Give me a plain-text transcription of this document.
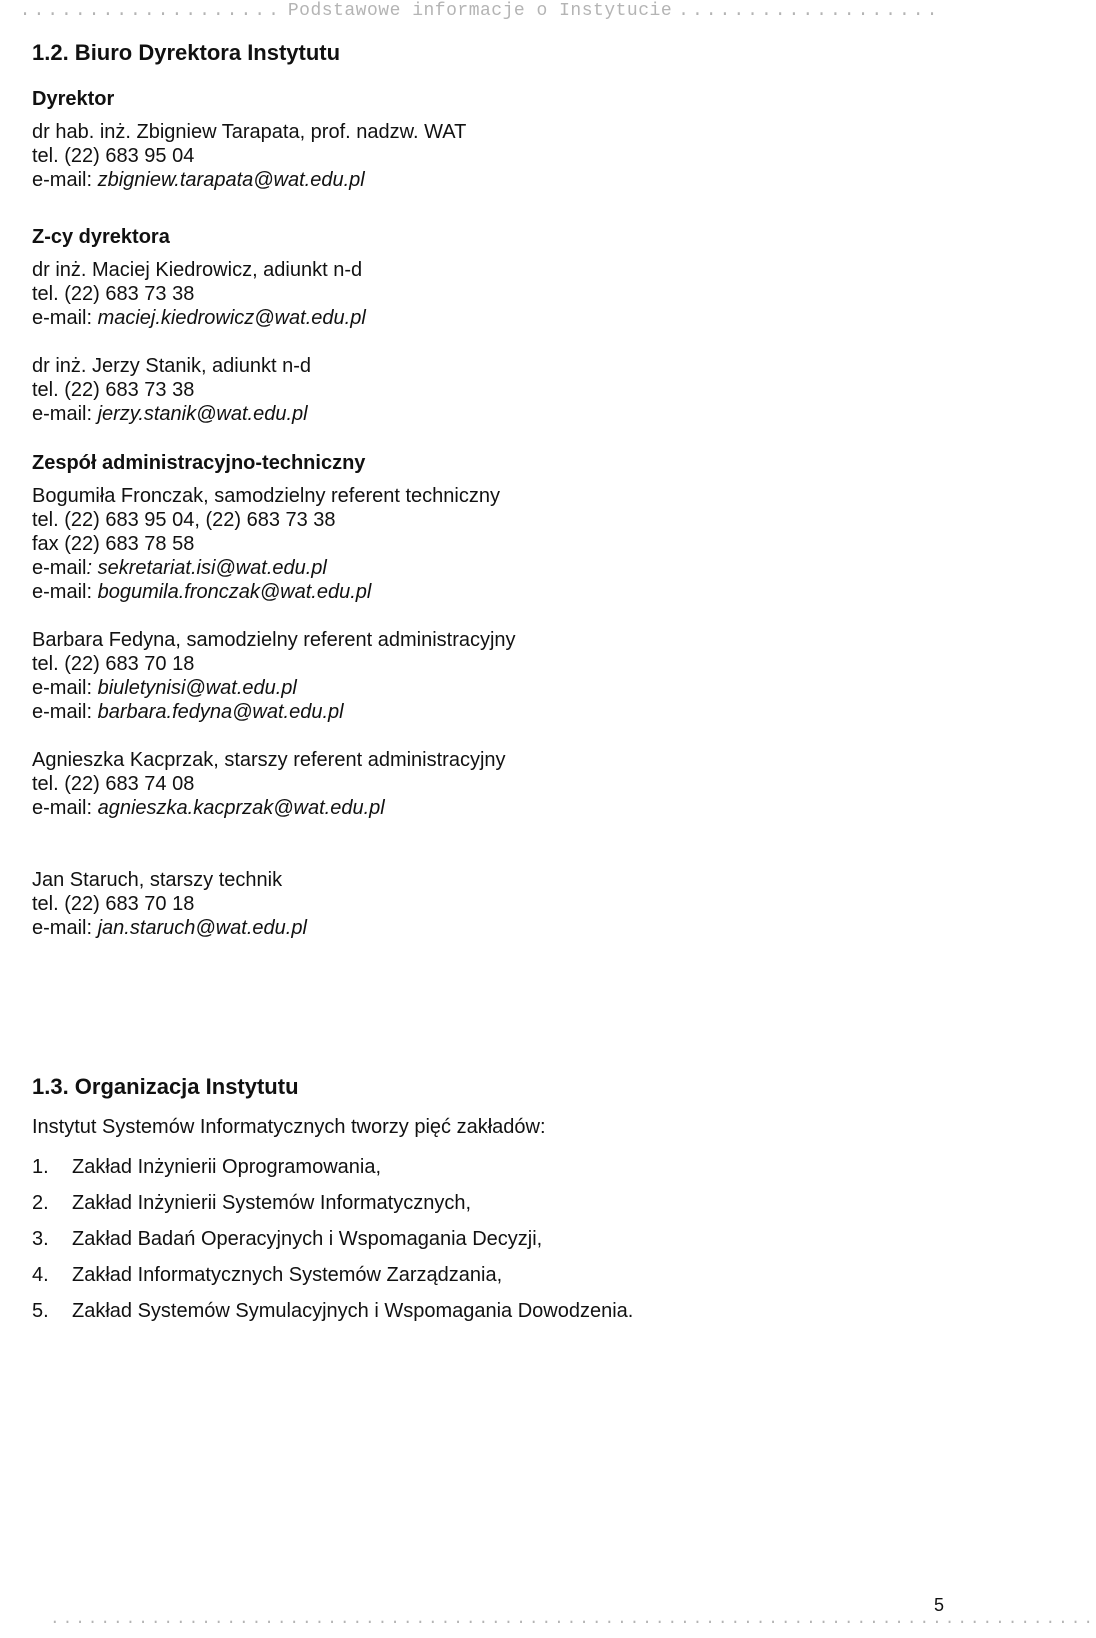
................... Podstawowe informacje o Instytucie ...................
1.2. Biuro Dyrektora Instytutu
Dyrektor

dr hab. inż. Zbigniew Tarapata, prof. nadzw. WAT

tel. (22) 683 95 04

e-mail: zbigniew.tarapata@wat.edu.pl

Z-cy dyrektora

dr inż. Maciej Kiedrowicz, adiunkt n-d

tel. (22) 683 73 38

e-mail: maciej.kiedrowicz@wat.edu.pl

dr inż. Jerzy Stanik, adiunkt n-d

tel. (22) 683 73 38

e-mail: jerzy.stanik@wat.edu.pl

Zespół administracyjno-techniczny

Bogumiła Fronczak, samodzielny referent techniczny

tel. (22) 683 95 04, (22) 683 73 38

fax (22) 683 78 58

e-mail: sekretariat.isi@wat.edu.pl

e-mail: bogumila.fronczak@wat.edu.pl

Barbara Fedyna, samodzielny referent administracyjny

tel. (22) 683 70 18

e-mail: biuletynisi@wat.edu.pl

e-mail: barbara.fedyna@wat.edu.pl

Agnieszka Kacprzak, starszy referent administracyjny

tel. (22) 683 74 08

e-mail: agnieszka.kacprzak@wat.edu.pl

Jan Staruch, starszy technik

tel. (22) 683 70 18

e-mail: jan.staruch@wat.edu.pl

1.3. Organizacja Instytutu

Instytut Systemów Informatycznych tworzy pięć zakładów:

1. Zakład Inżynierii Oprogramowania,
2. Zakład Inżynierii Systemów Informatycznych,
3. Zakład Badań Operacyjnych i Wspomagania Decyzji,
4. Zakład Informatycznych Systemów Zarządzania,
5. Zakład Systemów Symulacyjnych i Wspomagania Dowodzenia.
...................................................................................
5
